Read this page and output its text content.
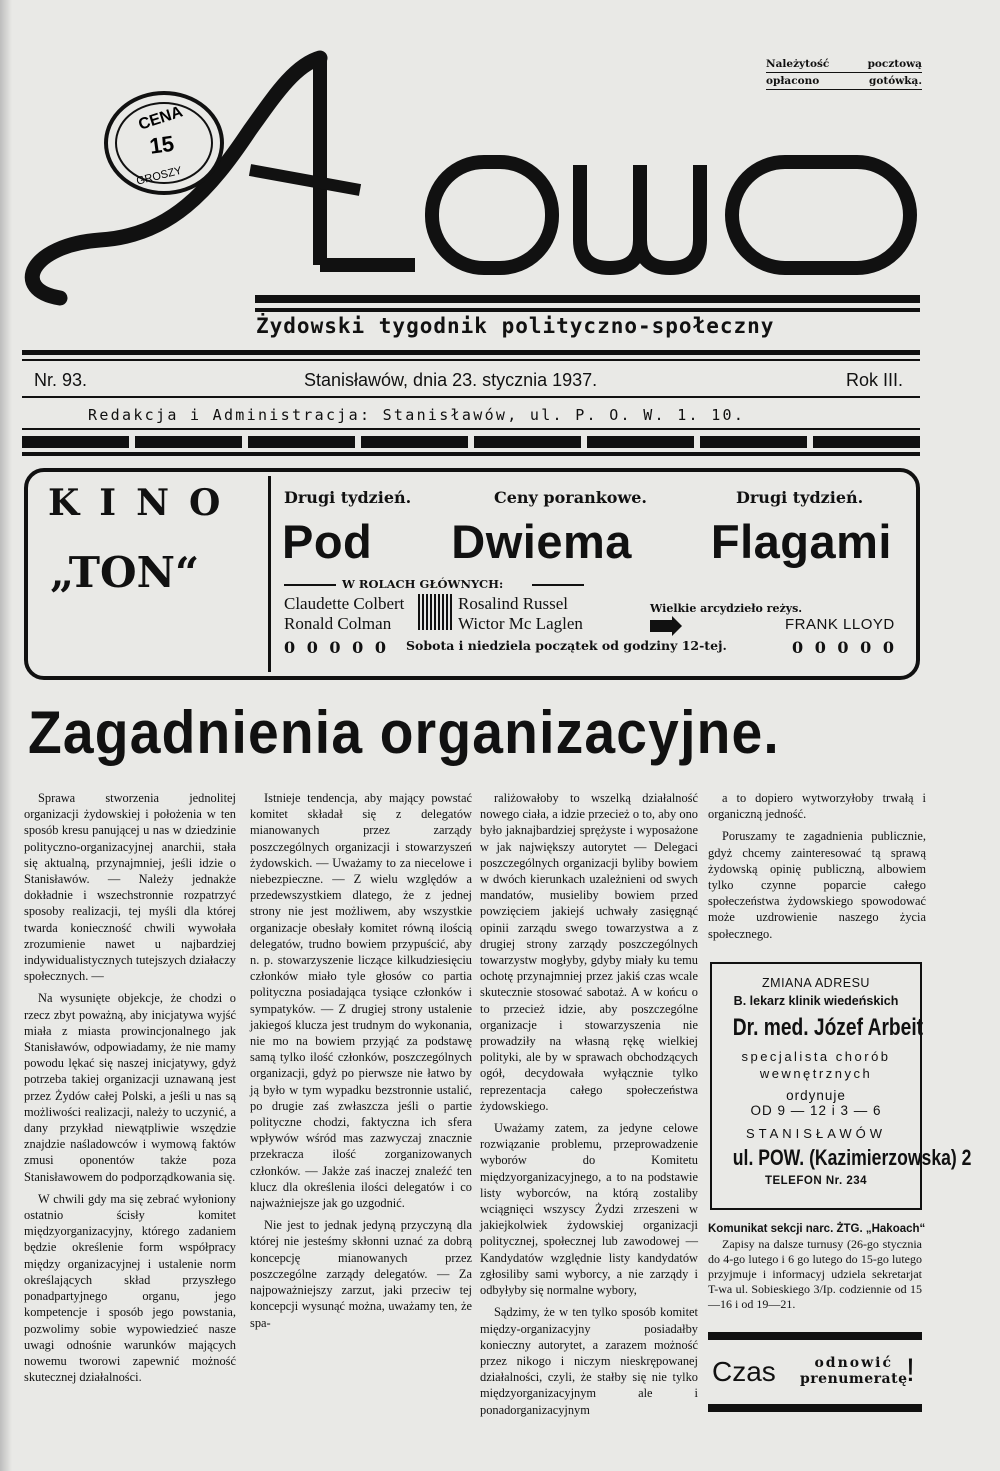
Łowo
CENA
15
GROSZY
Należytość pocztową
opłacono gotówką.
Żydowski tygodnik polityczno-społeczny
Nr. 93.	Stanisławów, dnia 23. stycznia 1937.	Rok III.
Redakcja i Administracja: Stanisławów, ul. P. O. W. 1. 10.
KINO
„TON“
Drugi tydzień.	Ceny porankowe.	Drugi tydzień.
Pod Dwiema Flagami
W ROLACH GŁÓWNYCH:
Claudette Colbert
Ronald Colman
Rosalind Russel
Wictor Mc Laglen
Wielkie arcydzieło reżys.
FRANK LLOYD
0 0 0 0 0 Sobota i niedziela początek od godziny 12-tej.	0 0 0 0 0
Zagadnienia organizacyjne.

Sprawa stworzenia jednolitej organizacji żydowskiej i położenia w ten sposób kresu panującej u nas w dziedzinie polityczno-organizacyjnej anarchii, stała się aktualną, przynajmniej, jeśli idzie o Stanisławów. — Należy jednakże dokładnie i wszechstronnie rozpatrzyć sposoby realizacji, tej myśli dla której twarda konieczność chwili wywołała zrozumienie nawet u najbardziej indywidualistycznych tutejszych działaczy społecznych. —

Na wysunięte objekcje, że chodzi o rzecz zbyt poważną, aby inicjatywa wyjść miała z miasta prowincjonalnego jak Stanisławów, odpowiadamy, że nie mamy powodu lękać się naszej inicjatywy, gdyż potrzeba takiej organizacji uznawaną jest przez Żydów całej Polski, a jeśli u nas są możliwości realizacji, należy to uczynić, a dany przykład niewątpliwie wszędzie znajdzie naśladowców i wymową faktów zmusi oponentów także poza Stanisławowem do podporządkowania się.

W chwili gdy ma się zebrać wyłoniony ostatnio ścisły komitet międzyorganizacyjny, którego zadaniem będzie określenie form współpracy między organizacyjnej i ustalenie norm określających skład przyszłego ponadpartyjnego organu, jego kompetencje i sposób jego powstania, pozwolimy sobie wypowiedzieć nasze uwagi odnośnie warunków mających nowemu tworowi zapewnić możność skutecznej działalności.

Istnieje tendencja, aby mający powstać komitet składał się z delegatów mianowanych przez zarządy poszczególnych organizacji i stowarzyszeń żydowskich. — Uważamy to za niecelowe i niebezpieczne. — Z wielu względów a przedewszystkiem dlatego, że z jednej strony nie jest możliwem, aby wszystkie organizacje obesłały komitet równą ilością delegatów, trudno bowiem przypuścić, aby n. p. stowarzyszenie liczące kilkudziesięciu członków miało tyle głosów co partia polityczna posiadająca tysiące członków i sympatyków. — Z drugiej strony ustalenie jakiegoś klucza jest trudnym do wykonania, nie mo na bowiem przyjąć za podstawę samą tylko ilość członków, poszczególnych organizacji, gdyż po pierwsze nie łatwo by ją było w tym wypadku bezstronnie ustalić, po drugie zaś zwłaszcza jeśli o partie polityczne chodzi, faktyczna ich sfera wpływów wśród mas zazwyczaj znacznie przekracza ilość zorganizowanych członków. — Jakże zaś inaczej znaleźć ten klucz dla określenia ilości delegatów i co najważniejsze jak go uzgodnić.

Nie jest to jednak jedyną przyczyną dla której nie jesteśmy skłonni uznać za dobrą koncepcję mianowanych przez poszczególne zarządy delegatów. — Za najpoważniejszy zarzut, jaki przeciw tej koncepcji wysunąć można, uważamy ten, że spa-

raliżowałoby to wszelką działalność nowego ciała, a idzie przecież o to, aby ono było jaknajbardziej sprężyste i wyposażone w jak największy autorytet — Delegaci poszczególnych organizacji byliby bowiem w dwóch kierunkach uzależnieni od swych mandatów, musieliby bowiem przed powzięciem jakiejś uchwały zasięgnąć opinii zarządu swego towarzystwa a z drugiej strony zarządy poszczególnych towarzystw mogłyby, gdyby miały ku temu ochotę przynajmniej przez jakiś czas wcale skutecznie stosować sabotaż. A w końcu o to przecież idzie, aby poszczególne organizacje i stowarzyszenia nie prowadziły na własną rękę wielkiej polityki, ale by w sprawach obchodzących ogół, decydowała wyłącznie tylko reprezentacja całego społeczeństwa żydowskiego.

Uważamy zatem, za jedyne celowe rozwiązanie problemu, przeprowadzenie wyborów do Komitetu międzyorganizacyjnego, a to na podstawie listy wyborców, na którą zostaliby wciągnięci wszyscy Żydzi zrzeszeni w jakiejkolwiek żydowskiej organizacji politycznej, społecznej lub zawodowej — Kandydatów względnie listy kandydatów zgłosiliby sami wyborcy, a nie zarządy i odbyłyby się normalne wybory,

Sądzimy, że w ten tylko sposób komitet między-organizacyjny posiadałby konieczny autorytet, a zarazem możność przez nikogo i niczym nieskrępowanej działalności, czyli, że stałby się nie tylko międzyorganizacyjnym ale i ponadorganizacyjnym

a to dopiero wytworzyłoby trwałą i organiczną jedność.

Poruszamy te zagadnienia publicznie, gdyż chcemy zainteresować tą sprawą żydowską opinię publiczną, albowiem tylko czynne poparcie całego społeczeństwa żydowskiego spowodować może uzdrowienie naszego życia społecznego.

ZMIANA ADRESU
B. lekarz klinik wiedeńskich
Dr. med. Józef Arbeit
specjalista chorób
wewnętrznych
ordynuje
OD 9 — 12 i 3 — 6
STANISŁAWÓW
ul. POW. (Kazimierzowska) 2
TELEFON Nr. 234
Komunikat sekcji narc. ŻTG. „Hakoach“

Zapisy na dalsze turnusy (26-go stycznia do 4-go lutego i 6 go lutego do 15-go lutego przyjmuje i informacyj udziela sekretarjat T-wa ul. Sobieskiego 3/Ip. codziennie od 15—16 i od 19—21.

Czas	odnowić
prenumeratę
!
